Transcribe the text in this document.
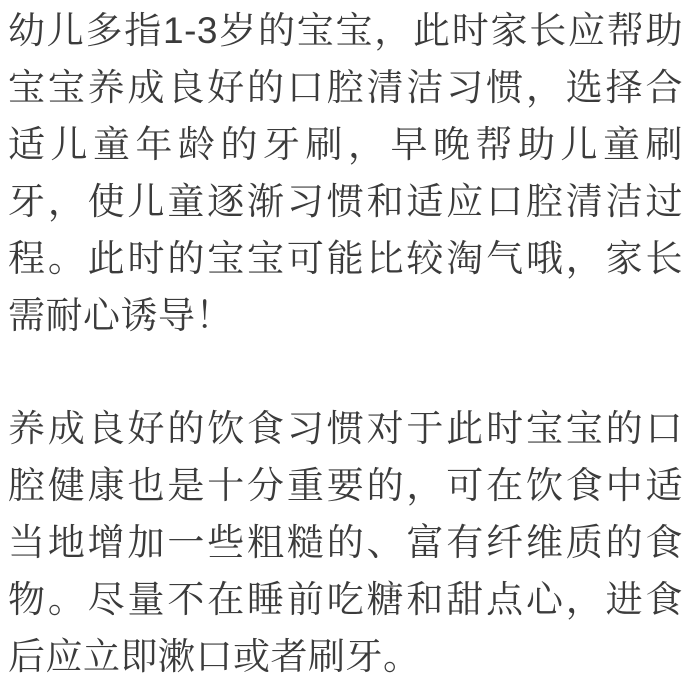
幼儿多指1-3岁的宝宝，此时家长应帮助
宝宝养成良好的口腔清洁习惯，选择合
适儿童年龄的牙刷，早晚帮助儿童刷
牙，使儿童逐渐习惯和适应口腔清洁过
程。此时的宝宝可能比较淘气哦，家长
需耐心诱导！
养成良好的饮食习惯对于此时宝宝的口
腔健康也是十分重要的，可在饮食中适
当地增加一些粗糙的、富有纤维质的食
物。尽量不在睡前吃糖和甜点心，进食
后应立即漱口或者刷牙。
